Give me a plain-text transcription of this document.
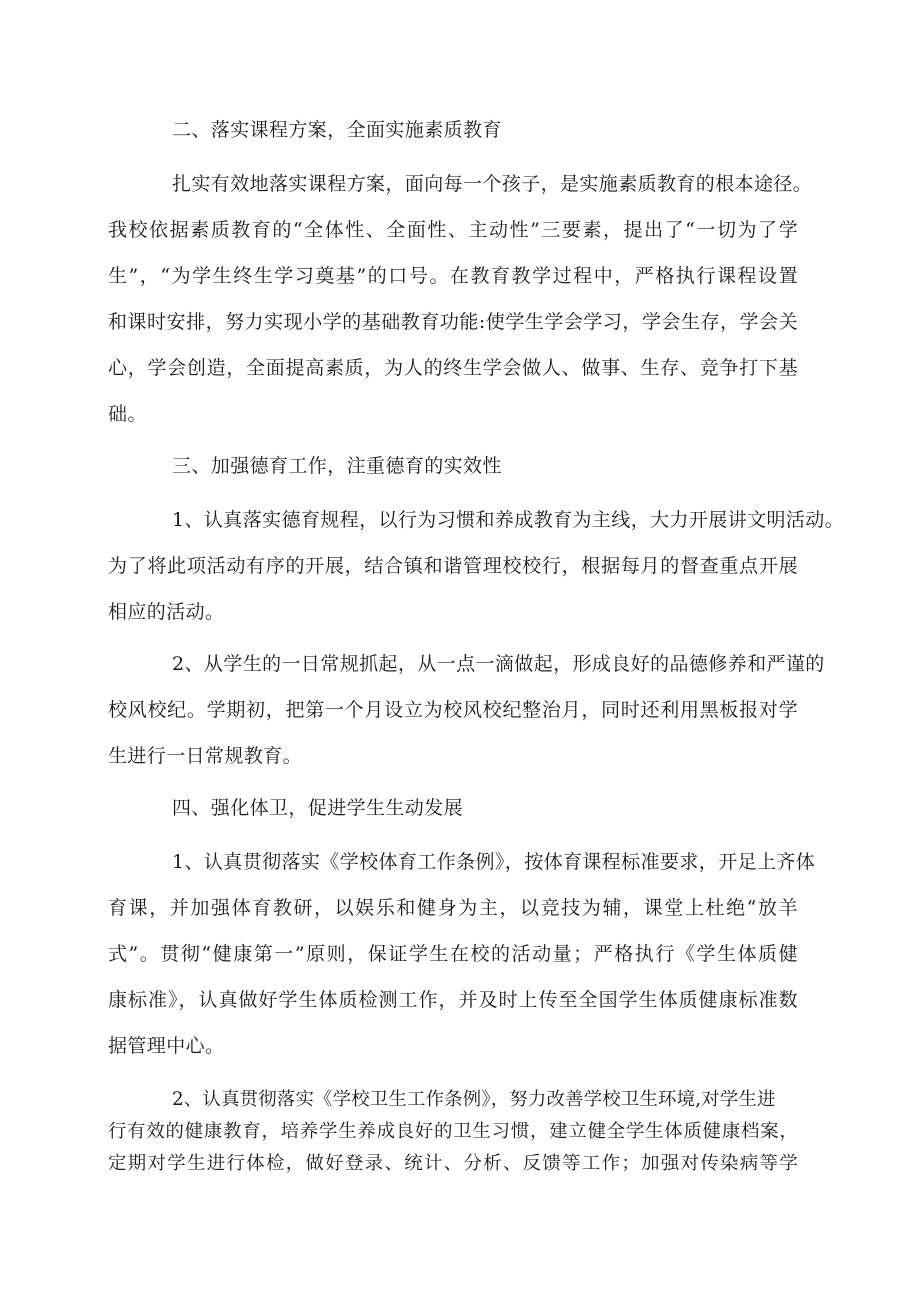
二、落实课程方案，全面实施素质教育
扎实有效地落实课程方案，面向每一个孩子，是实施素质教育的根本途径。
我校依据素质教育的“全体性、全面性、主动性”三要素，提出了“一切为了学
生”，“为学生终生学习奠基”的口号。在教育教学过程中，严格执行课程设置
和课时安排，努力实现小学的基础教育功能:使学生学会学习，学会生存，学会关
心，学会创造，全面提高素质，为人的终生学会做人、做事、生存、竞争打下基
础。
三、加强德育工作，注重德育的实效性
1、认真落实德育规程，以行为习惯和养成教育为主线，大力开展讲文明活动。
为了将此项活动有序的开展，结合镇和谐管理校校行，根据每月的督查重点开展
相应的活动。
2、从学生的一日常规抓起，从一点一滴做起，形成良好的品德修养和严谨的
校风校纪。学期初，把第一个月设立为校风校纪整治月，同时还利用黑板报对学
生进行一日常规教育。
四、强化体卫，促进学生生动发展
1、认真贯彻落实《学校体育工作条例》，按体育课程标准要求，开足上齐体
育课，并加强体育教研，以娱乐和健身为主，以竞技为辅，课堂上杜绝“放羊
式”。贯彻“健康第一”原则，保证学生在校的活动量；严格执行《学生体质健
康标准》，认真做好学生体质检测工作，并及时上传至全国学生体质健康标准数
据管理中心。
2、认真贯彻落实《学校卫生工作条例》，努力改善学校卫生环境,对学生进
行有效的健康教育，培养学生养成良好的卫生习惯，建立健全学生体质健康档案，
定期对学生进行体检，做好登录、统计、分析、反馈等工作；加强对传染病等学
